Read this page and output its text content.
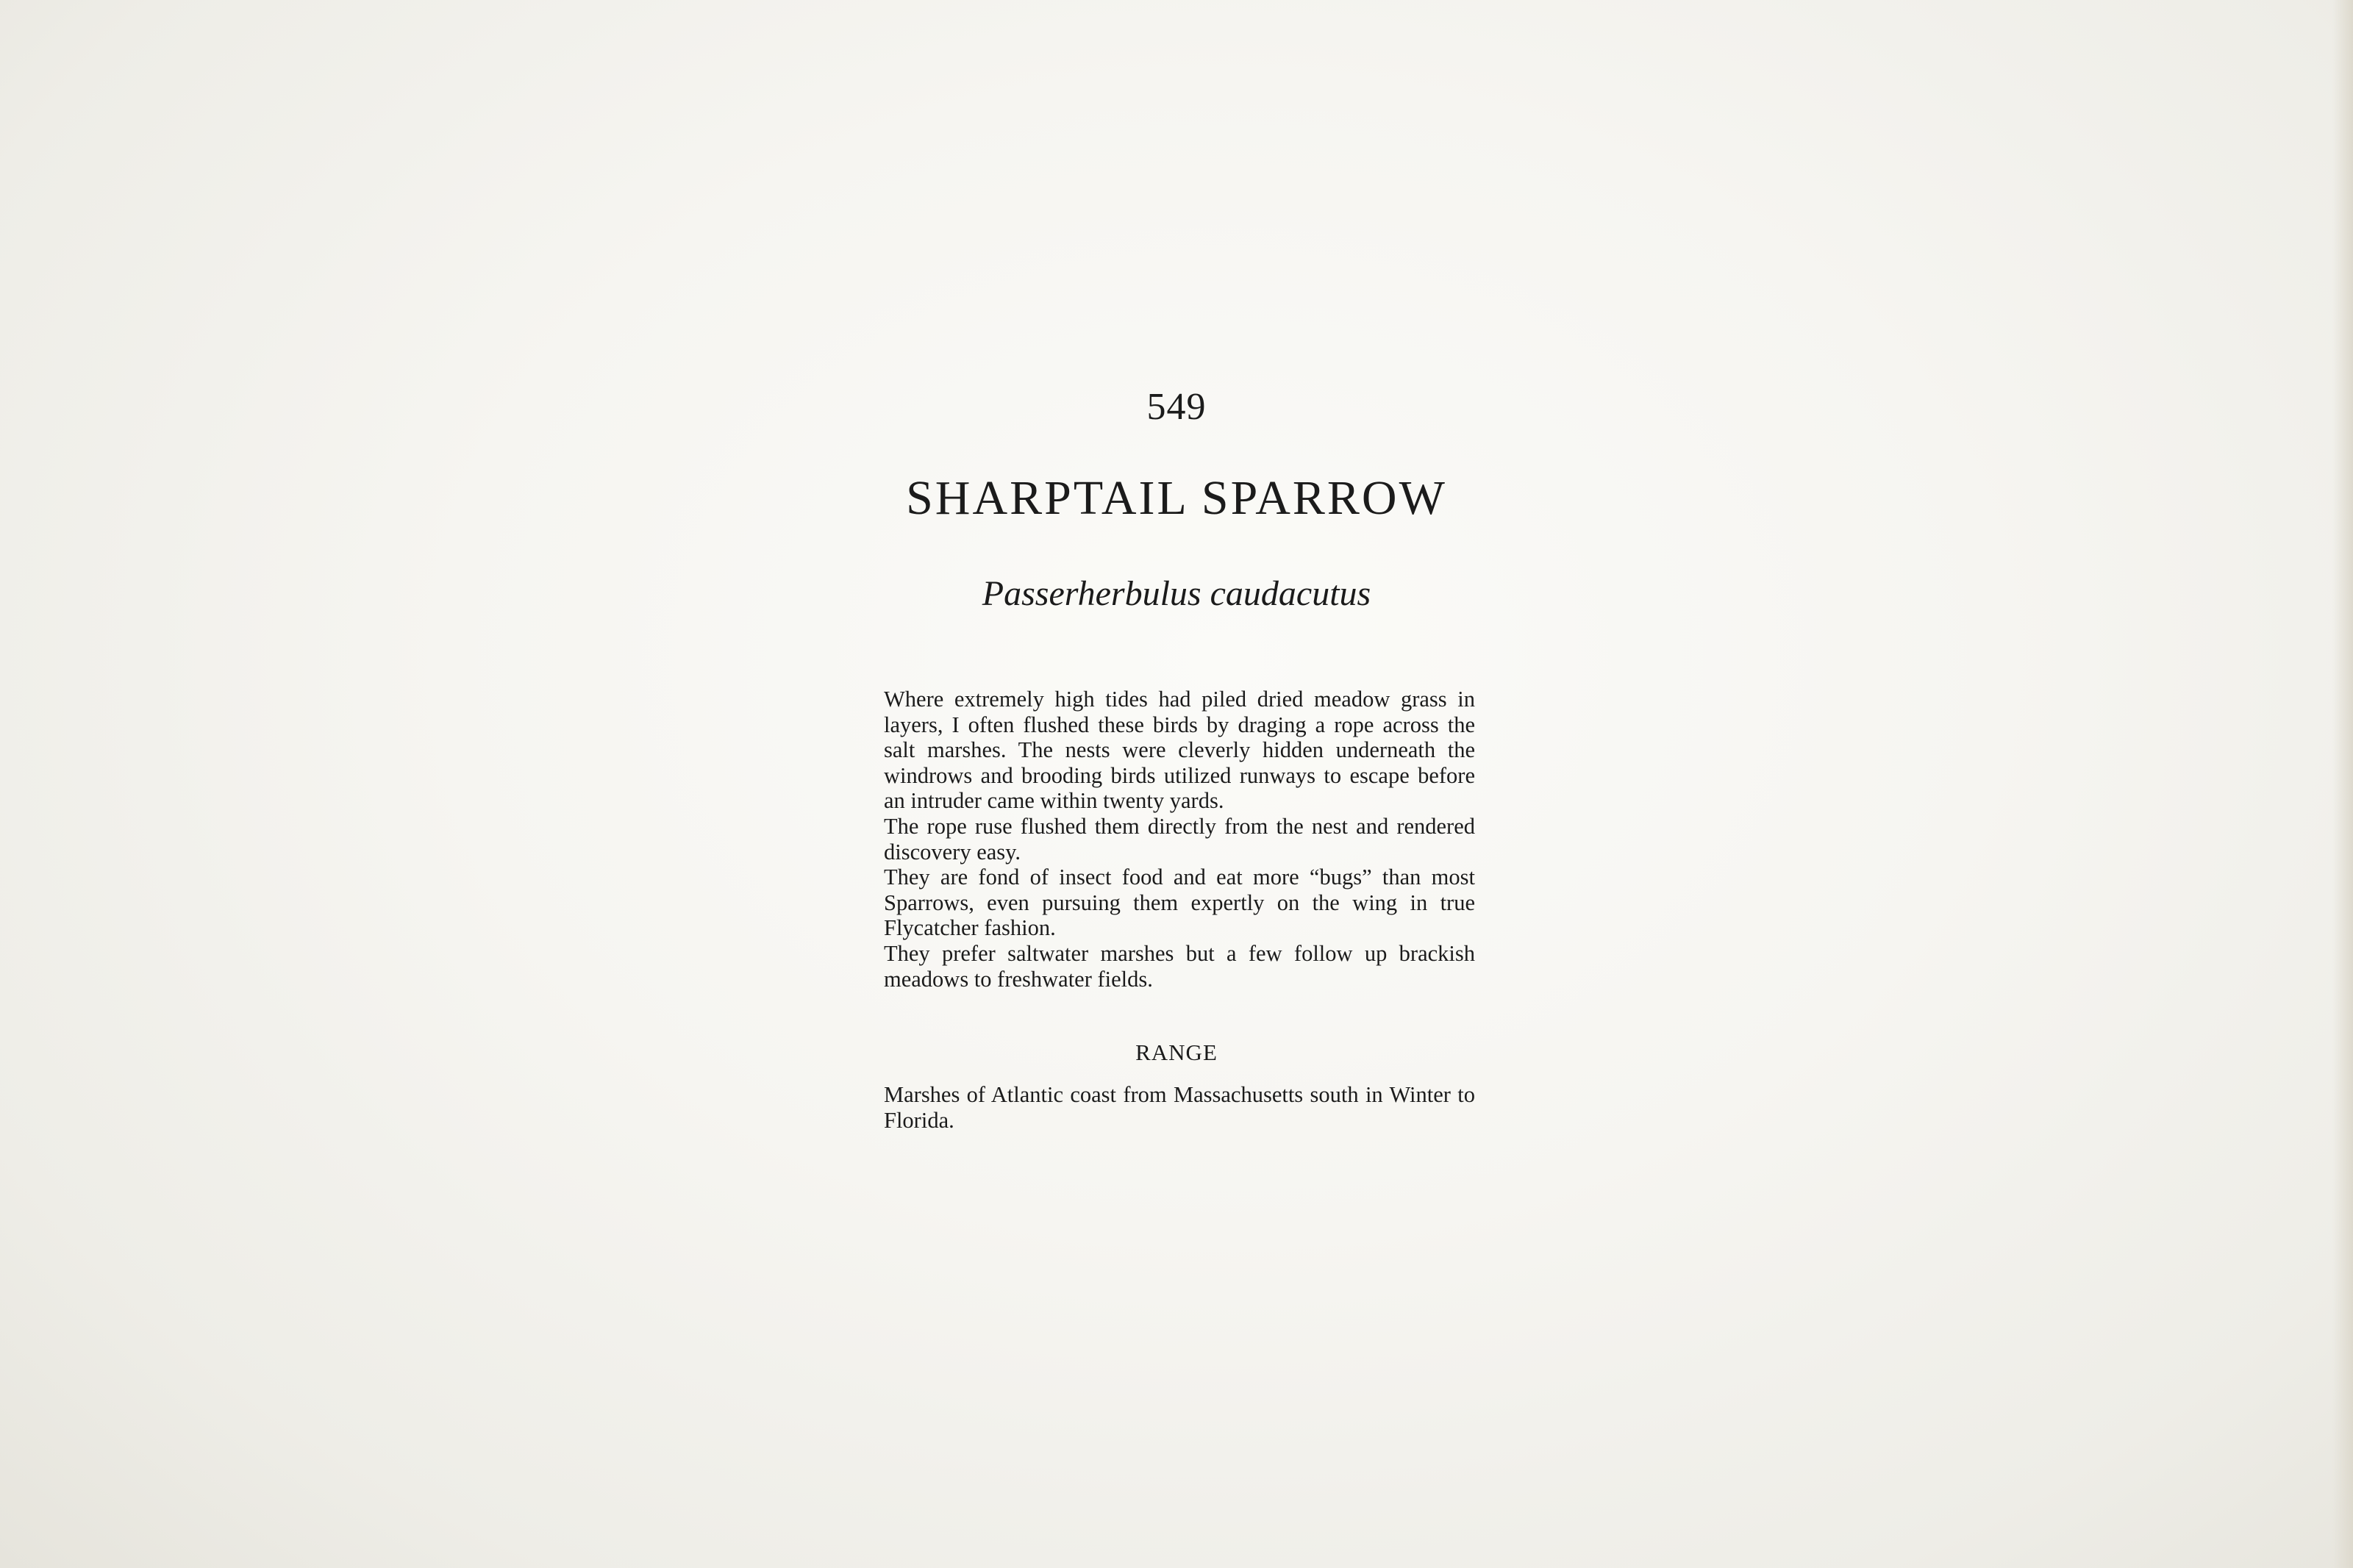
549
SHARPTAIL SPARROW
Passerherbulus caudacutus

Where extremely high tides had piled dried meadow grass in layers, I often flushed these birds by draging a rope across the salt marshes. The nests were cleverly hidden underneath the windrows and brooding birds utilized runways to escape before an intruder came within twenty yards.

The rope ruse flushed them directly from the nest and rendered discovery easy.

They are fond of insect food and eat more “bugs” than most Sparrows, even pursuing them expertly on the wing in true Flycatcher fashion.

They prefer saltwater marshes but a few follow up brackish meadows to freshwater fields.

RANGE

Marshes of Atlantic coast from Massachusetts south in Winter to Florida.
